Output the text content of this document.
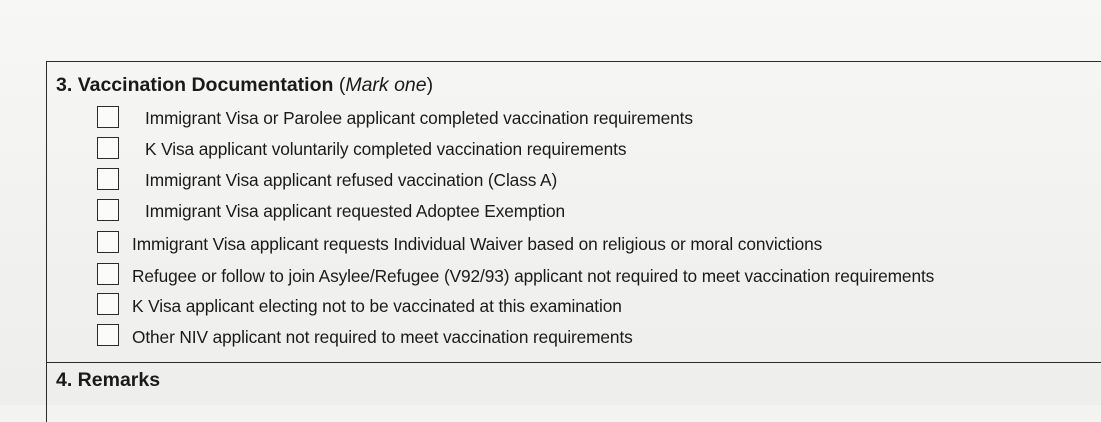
3. Vaccination Documentation (Mark one)
Immigrant Visa or Parolee applicant completed vaccination requirements
K Visa applicant voluntarily completed vaccination requirements
Immigrant Visa applicant refused vaccination (Class A)
Immigrant Visa applicant requested Adoptee Exemption
Immigrant Visa applicant requests Individual Waiver based on religious or moral convictions
Refugee or follow to join Asylee/Refugee (V92/93) applicant not required to meet vaccination requirements
K Visa applicant electing not to be vaccinated at this examination
Other NIV applicant not required to meet vaccination requirements
4. Remarks
